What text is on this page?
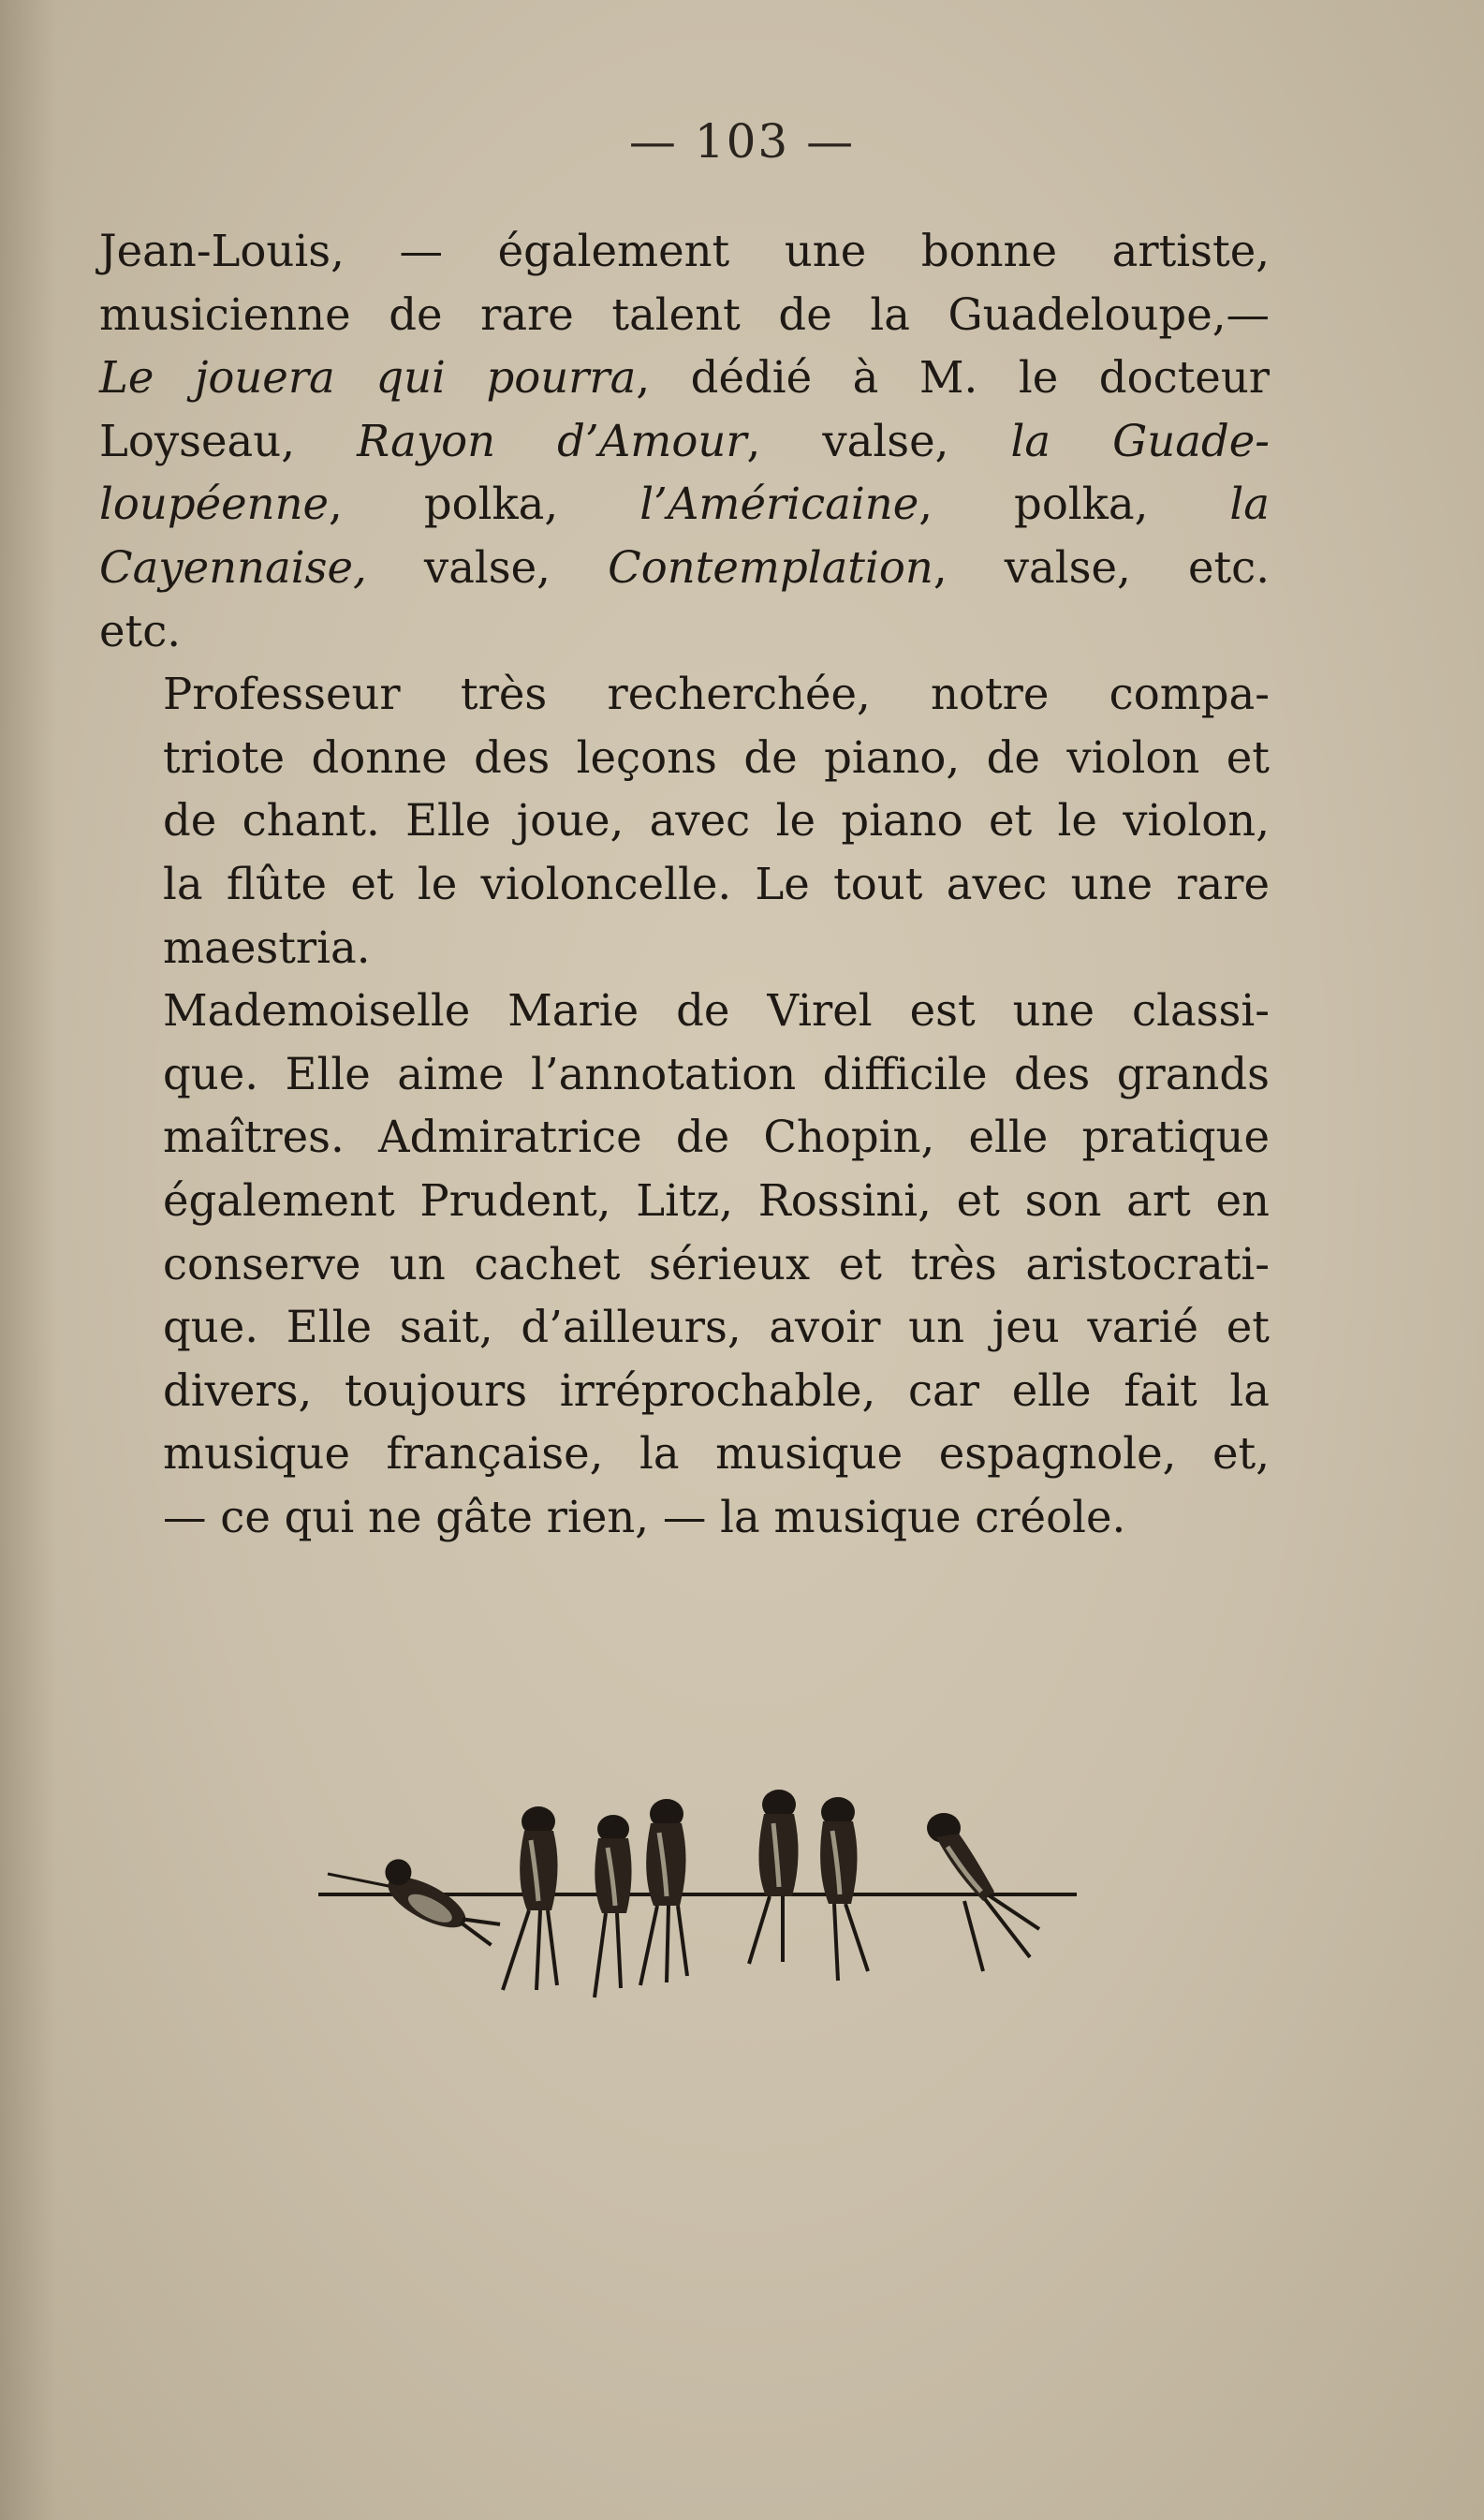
— 103 —
Jean-Louis, — également une bonne artiste,
musicienne de rare talent de la Guadeloupe,—
Le jouera qui pourra, dédié à M. le docteur
Loyseau, Rayon d’Amour, valse, la Guade-
loupéenne, polka, l’Américaine, polka, la
Cayennaise, valse, Contemplation, valse, etc.
etc.
Professeur très recherchée, notre compa-
triote donne des leçons de piano, de violon et
de chant. Elle joue, avec le piano et le violon,
la flûte et le violoncelle. Le tout avec une rare
maestria.
Mademoiselle Marie de Virel est une classi-
que. Elle aime l’annotation difficile des grands
maîtres. Admiratrice de Chopin, elle pratique
également Prudent, Litz, Rossini, et son art en
conserve un cachet sérieux et très aristocrati-
que. Elle sait, d’ailleurs, avoir un jeu varié et
divers, toujours irréprochable, car elle fait la
musique française, la musique espagnole, et,
— ce qui ne gâte rien, — la musique créole.
